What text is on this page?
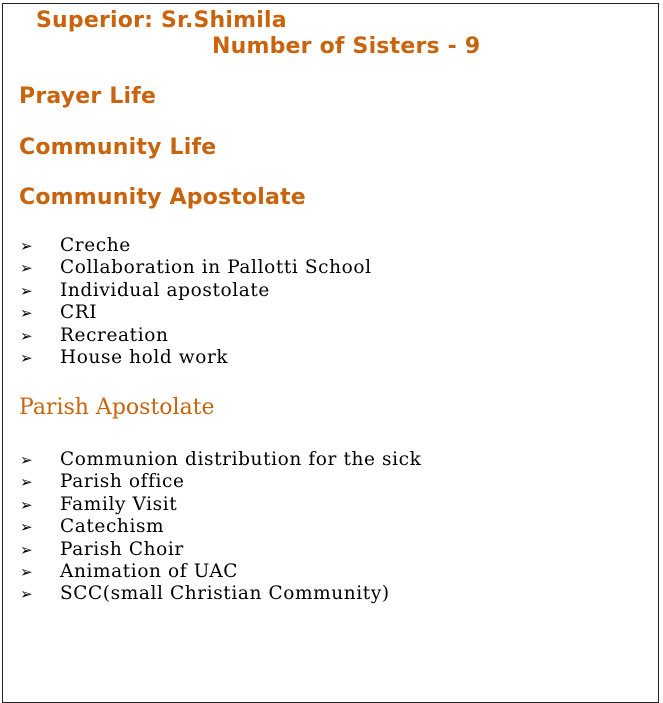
Superior: Sr.Shimila
Number of Sisters - 9
Prayer Life
Community Life
Community Apostolate
➢	Creche
➢	Collaboration in Pallotti School
➢	Individual apostolate
➢	CRI
➢	Recreation
➢	House hold work
Parish Apostolate
➢	Communion distribution for the sick
➢	Parish office
➢	Family Visit
➢	Catechism
➢	Parish Choir
➢	Animation of UAC
➢	SCC(small Christian Community)
